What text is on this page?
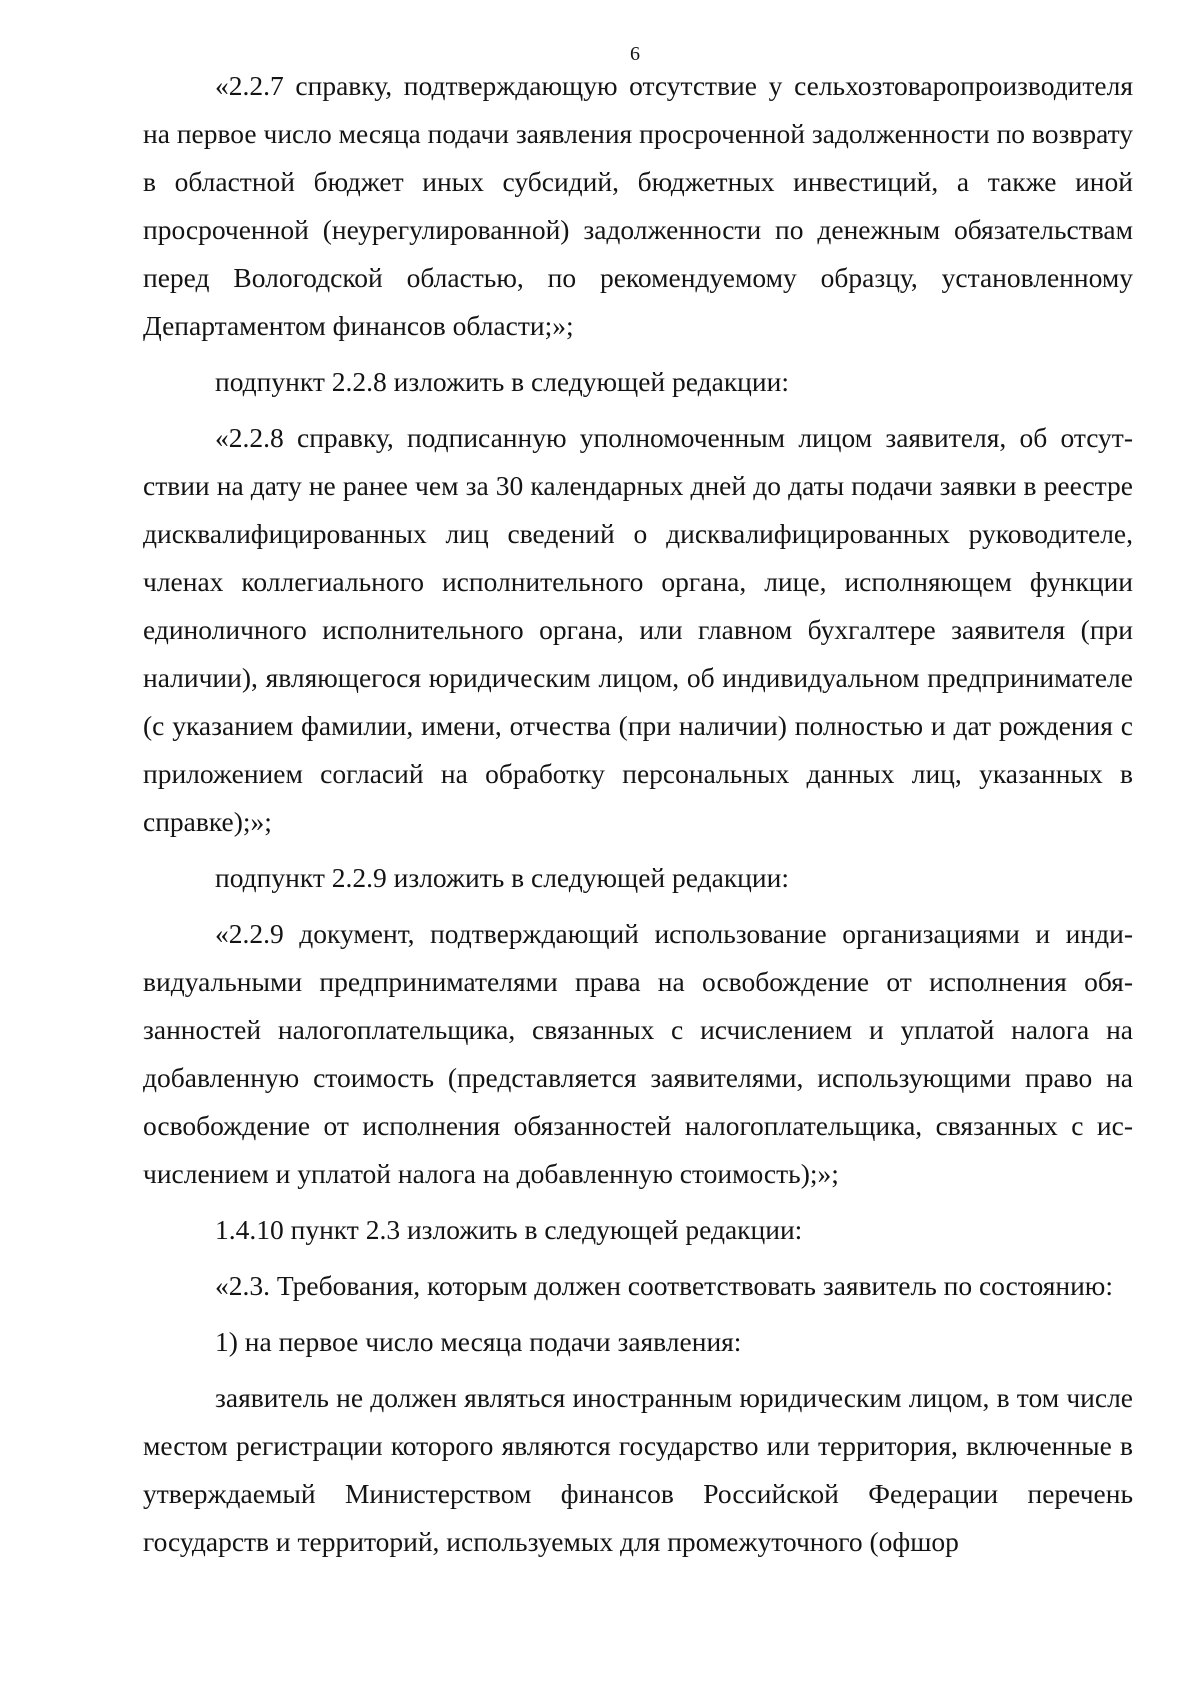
6

«2.2.7 справку, подтверждающую отсутствие у сельхозтоваропроизводителя на первое число месяца подачи заявления просроченной задолженности по возврату в областной бюджет иных субсидий, бюджетных инвестиций, а также иной просроченной (неурегулированной) задолженности по денежным обязательствам перед Вологодской областью, по рекомендуемому образцу, установленному Департаментом финансов области;»;

подпункт 2.2.8 изложить в следующей редакции:

«2.2.8 справку, подписанную уполномоченным лицом заявителя, об отсутствии на дату не ранее чем за 30 календарных дней до даты подачи заявки в реестре дисквалифицированных лиц сведений о дисквалифицированных руководителе, членах коллегиального исполнительного органа, лице, исполняющем функции единоличного исполнительного органа, или главном бухгалтере заявителя (при наличии), являющегося юридическим лицом, об индивидуальном предпринимателе (с указанием фамилии, имени, отчества (при наличии) полностью и дат рождения с приложением согласий на обработку персональных данных лиц, указанных в справке);»;

подпункт 2.2.9 изложить в следующей редакции:

«2.2.9 документ, подтверждающий использование организациями и индивидуальными предпринимателями права на освобождение от исполнения обязанностей налогоплательщика, связанных с исчислением и уплатой налога на добавленную стоимость (представляется заявителями, использующими право на освобождение от исполнения обязанностей налогоплательщика, связанных с исчислением и уплатой налога на добавленную стоимость);»;

1.4.10 пункт 2.3 изложить в следующей редакции:

«2.3. Требования, которым должен соответствовать заявитель по состоянию:

1) на первое число месяца подачи заявления:

заявитель не должен являться иностранным юридическим лицом, в том числе местом регистрации которого являются государство или территория, включенные в утверждаемый Министерством финансов Российской Федерации перечень государств и территорий, используемых для промежуточного (офшор
